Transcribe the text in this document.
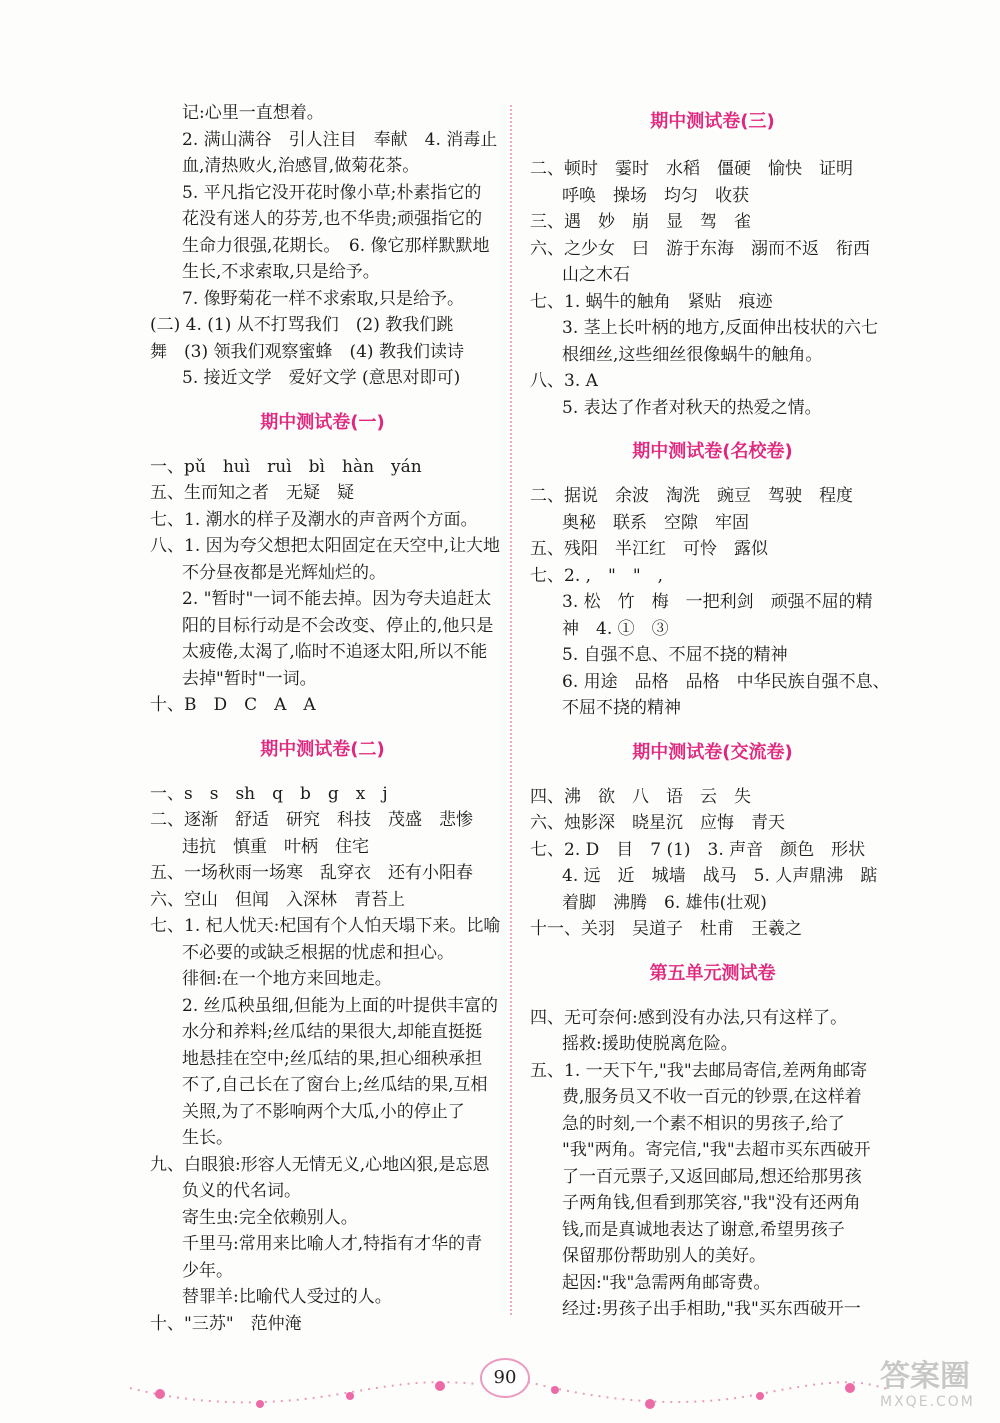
记:心里一直想着。
2. 满山满谷　引人注目　奉献　4. 消毒止
血,清热败火,治感冒,做菊花茶。
5. 平凡指它没开花时像小草;朴素指它的
花没有迷人的芬芳,也不华贵;顽强指它的
生命力很强,花期长。　6. 像它那样默默地
生长,不求索取,只是给予。
7. 像野菊花一样不求索取,只是给予。
(二) 4. (1) 从不打骂我们　(2) 教我们跳
舞　(3) 领我们观察蜜蜂　(4) 教我们读诗
5. 接近文学　爱好文学 (意思对即可)
期中测试卷(一)
一、pǔ　huì　ruì　bì　hàn　yán
五、生而知之者　无疑　疑
七、1. 潮水的样子及潮水的声音两个方面。
八、1. 因为夸父想把太阳固定在天空中,让大地
不分昼夜都是光辉灿烂的。
2. "暂时"一词不能去掉。因为夸夫追赶太
阳的目标行动是不会改变、停止的,他只是
太疲倦,太渴了,临时不追逐太阳,所以不能
去掉"暂时"一词。
十、B　D　C　A　A
期中测试卷(二)
一、s　s　sh　q　b　g　x　j
二、逐渐　舒适　研究　科技　茂盛　悲惨
违抗　慎重　叶柄　住宅
五、一场秋雨一场寒　乱穿衣　还有小阳春
六、空山　但闻　入深林　青苔上
七、1. 杞人忧天:杞国有个人怕天塌下来。比喻
不必要的或缺乏根据的忧虑和担心。
徘徊:在一个地方来回地走。
2. 丝瓜秧虽细,但能为上面的叶提供丰富的
水分和养料;丝瓜结的果很大,却能直挺挺
地悬挂在空中;丝瓜结的果,担心细秧承担
不了,自己长在了窗台上;丝瓜结的果,互相
关照,为了不影响两个大瓜,小的停止了
生长。
九、白眼狼:形容人无情无义,心地凶狠,是忘恩
负义的代名词。
寄生虫:完全依赖别人。
千里马:常用来比喻人才,特指有才华的青
少年。
替罪羊:比喻代人受过的人。
十、"三苏"　范仲淹
期中测试卷(三)
二、顿时　霎时　水稻　僵硬　愉快　证明
呼唤　操场　均匀　收获
三、遇　妙　崩　显　驾　雀
六、之少女　曰　游于东海　溺而不返　衔西
山之木石
七、1. 蜗牛的触角　紧贴　痕迹
3. 茎上长叶柄的地方,反面伸出枝状的六七
根细丝,这些细丝很像蜗牛的触角。
八、3. A
5. 表达了作者对秋天的热爱之情。
期中测试卷(名校卷)
二、据说　余波　淘洗　豌豆　驾驶　程度
奥秘　联系　空隙　牢固
五、残阳　半江红　可怜　露似
七、2. ,　"　"　,
3. 松　竹　梅　一把利剑　顽强不屈的精
神　4. ①　③
5. 自强不息、不屈不挠的精神
6. 用途　品格　品格　中华民族自强不息、
不屈不挠的精神
期中测试卷(交流卷)
四、沸　欲　八　语　云　失
六、烛影深　晓星沉　应悔　青天
七、2. D　目　7 (1)　3. 声音　颜色　形状
4. 远　近　城墙　战马　5. 人声鼎沸　踮
着脚　沸腾　6. 雄伟(壮观)
十一、关羽　吴道子　杜甫　王羲之
第五单元测试卷
四、无可奈何:感到没有办法,只有这样了。
摇救:援助使脱离危险。
五、1. 一天下午,"我"去邮局寄信,差两角邮寄
费,服务员又不收一百元的钞票,在这样着
急的时刻,一个素不相识的男孩子,给了
"我"两角。寄完信,"我"去超市买东西破开
了一百元票子,又返回邮局,想还给那男孩
子两角钱,但看到那笑容,"我"没有还两角
钱,而是真诚地表达了谢意,希望男孩子
保留那份帮助别人的美好。
起因:"我"急需两角邮寄费。
经过:男孩子出手相助,"我"买东西破开一
90	答案圈
MXQE.COM
